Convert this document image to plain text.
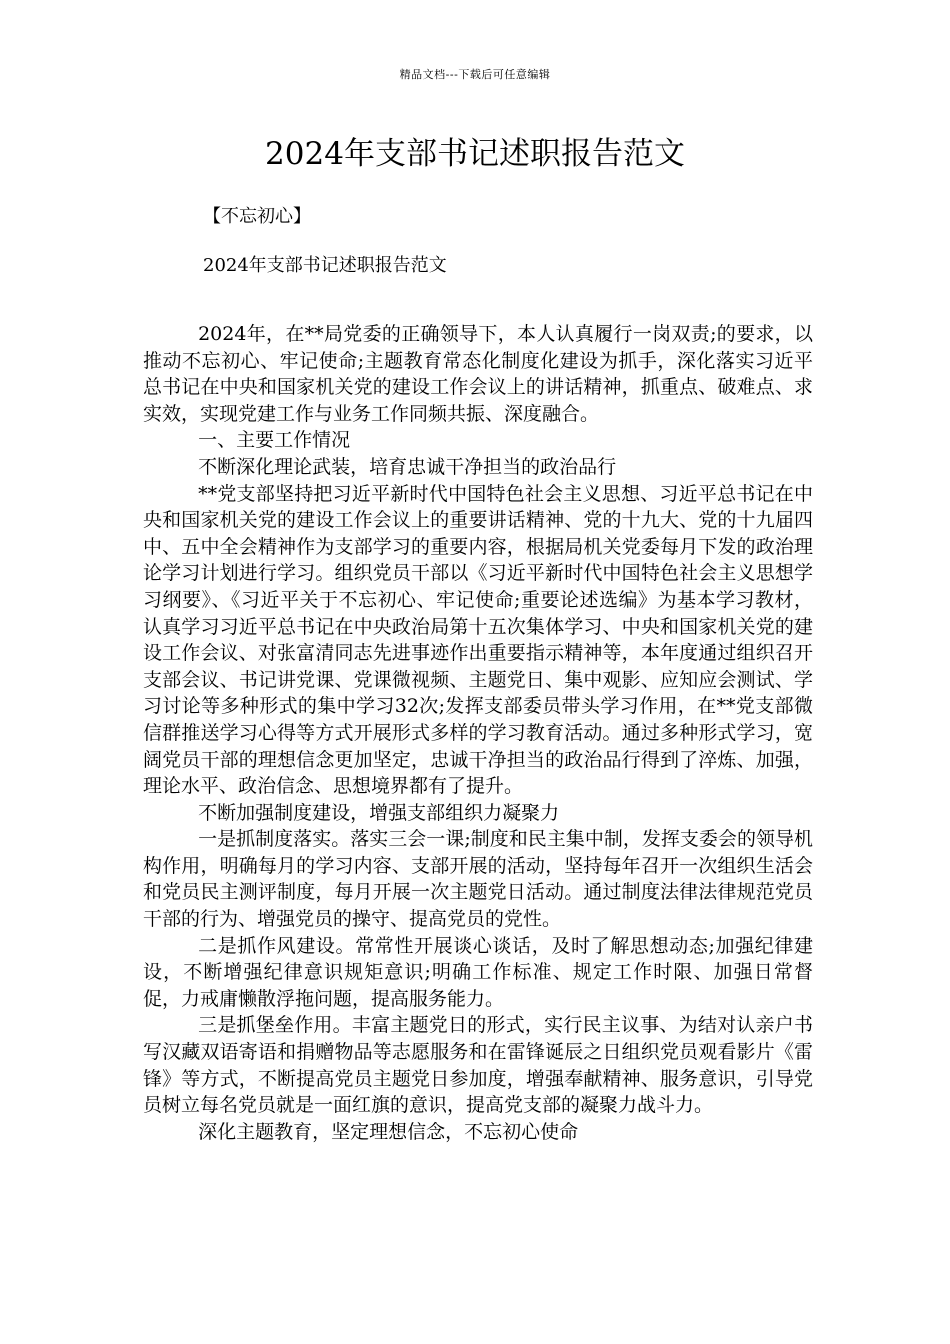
精品文档---下载后可任意编辑
2024年支部书记述职报告范文
【不忘初心】
2024年支部书记述职报告范文

2024年，在**局党委的正确领导下，本人认真履行一岗双责;的要求，以推动不忘初心、牢记使命;主题教育常态化制度化建设为抓手，深化落实习近平总书记在中央和国家机关党的建设工作会议上的讲话精神，抓重点、破难点、求实效，实现党建工作与业务工作同频共振、深度融合。

一、主要工作情况

不断深化理论武装，培育忠诚干净担当的政治品行

**党支部坚持把习近平新时代中国特色社会主义思想、习近平总书记在中央和国家机关党的建设工作会议上的重要讲话精神、党的十九大、党的十九届四中、五中全会精神作为支部学习的重要内容，根据局机关党委每月下发的政治理论学习计划进行学习。组织党员干部以《习近平新时代中国特色社会主义思想学习纲要》、《习近平关于不忘初心、牢记使命;重要论述选编》为基本学习教材，认真学习习近平总书记在中央政治局第十五次集体学习、中央和国家机关党的建设工作会议、对张富清同志先进事迹作出重要指示精神等，本年度通过组织召开支部会议、书记讲党课、党课微视频、主题党日、集中观影、应知应会测试、学习讨论等多种形式的集中学习32次;发挥支部委员带头学习作用，在**党支部微信群推送学习心得等方式开展形式多样的学习教育活动。通过多种形式学习，宽阔党员干部的理想信念更加坚定，忠诚干净担当的政治品行得到了淬炼、加强，理论水平、政治信念、思想境界都有了提升。

不断加强制度建设，增强支部组织力凝聚力

一是抓制度落实。落实三会一课;制度和民主集中制，发挥支委会的领导机构作用，明确每月的学习内容、支部开展的活动，坚持每年召开一次组织生活会和党员民主测评制度，每月开展一次主题党日活动。通过制度法律法律规范党员干部的行为、增强党员的操守、提高党员的党性。

二是抓作风建设。常常性开展谈心谈话，及时了解思想动态;加强纪律建设，不断增强纪律意识规矩意识;明确工作标准、规定工作时限、加强日常督促，力戒庸懒散浮拖问题，提高服务能力。

三是抓堡垒作用。丰富主题党日的形式，实行民主议事、为结对认亲户书写汉藏双语寄语和捐赠物品等志愿服务和在雷锋诞辰之日组织党员观看影片《雷锋》等方式，不断提高党员主题党日参加度，增强奉献精神、服务意识，引导党员树立每名党员就是一面红旗的意识，提高党支部的凝聚力战斗力。

深化主题教育，坚定理想信念，不忘初心使命
